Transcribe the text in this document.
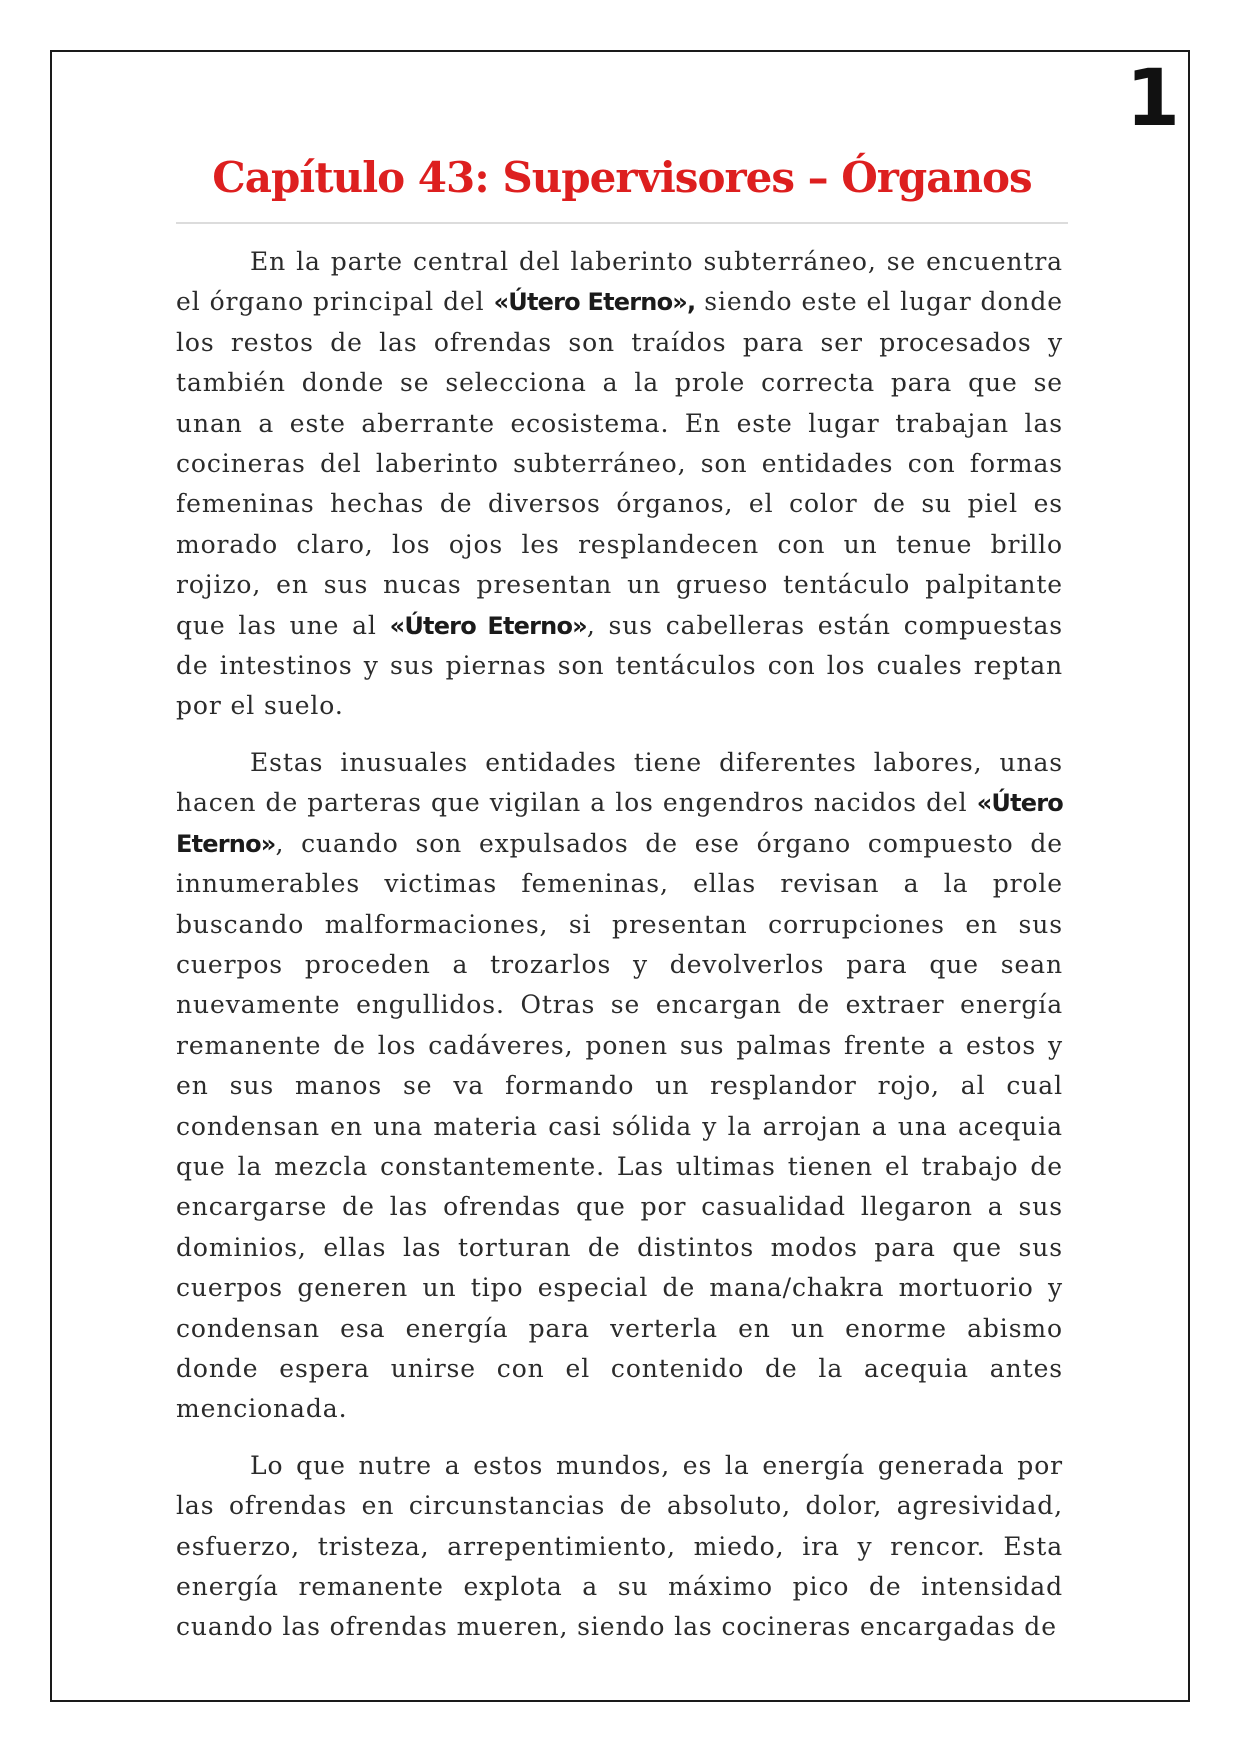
1
Capítulo 43: Supervisores – Órganos

En la parte central del laberinto subterráneo, se encuentra el órgano principal del «Útero Eterno», siendo este el lugar donde los restos de las ofrendas son traídos para ser procesados y también donde se selecciona a la prole correcta para que se unan a este aberrante ecosistema. En este lugar trabajan las cocineras del laberinto subterráneo, son entidades con formas femeninas hechas de diversos órganos, el color de su piel es morado claro, los ojos les resplandecen con un tenue brillo rojizo, en sus nucas presentan un grueso tentáculo palpitante que las une al «Útero Eterno», sus cabelleras están compuestas de intestinos y sus piernas son tentáculos con los cuales reptan por el suelo.

Estas inusuales entidades tiene diferentes labores, unas hacen de parteras que vigilan a los engendros nacidos del «Útero Eterno», cuando son expulsados de ese órgano compuesto de innumerables victimas femeninas, ellas revisan a la prole buscando malformaciones, si presentan corrupciones en sus cuerpos proceden a trozarlos y devolverlos para que sean nuevamente engullidos. Otras se encargan de extraer energía remanente de los cadáveres, ponen sus palmas frente a estos y en sus manos se va formando un resplandor rojo, al cual condensan en una materia casi sólida y la arrojan a una acequia que la mezcla constantemente. Las ultimas tienen el trabajo de encargarse de las ofrendas que por casualidad llegaron a sus dominios, ellas las torturan de distintos modos para que sus cuerpos generen un tipo especial de mana/chakra mortuorio y condensan esa energía para verterla en un enorme abismo donde espera unirse con el contenido de la acequia antes mencionada.

Lo que nutre a estos mundos, es la energía generada por las ofrendas en circunstancias de absoluto, dolor, agresividad, esfuerzo, tristeza, arrepentimiento, miedo, ira y rencor. Esta energía remanente explota a su máximo pico de intensidad cuando las ofrendas mueren, siendo las cocineras encargadas de
